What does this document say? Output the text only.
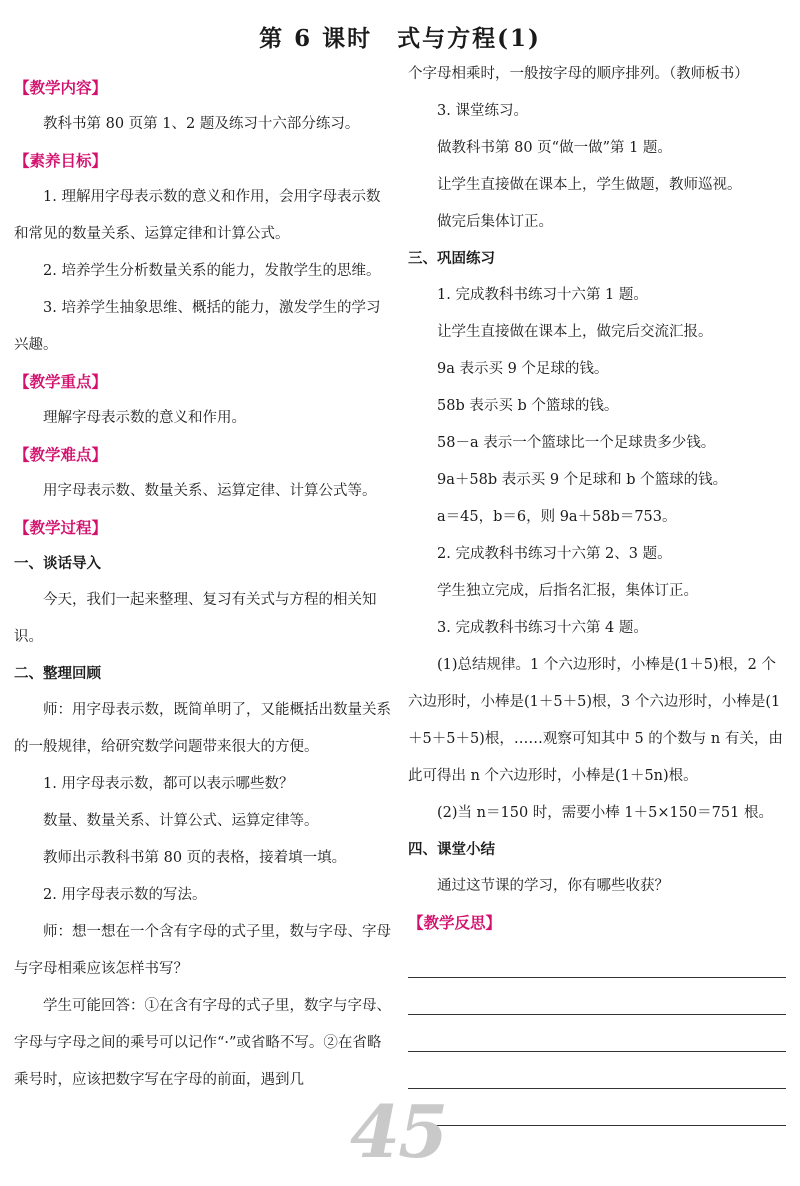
第 6 课时　式与方程(1)
【教学内容】

教科书第 80 页第 1、2 题及练习十六部分练习。

【素养目标】

1. 理解用字母表示数的意义和作用，会用字母表示数和常见的数量关系、运算定律和计算公式。

2. 培养学生分析数量关系的能力，发散学生的思维。

3. 培养学生抽象思维、概括的能力，激发学生的学习兴趣。

【教学重点】

理解字母表示数的意义和作用。

【教学难点】

用字母表示数、数量关系、运算定律、计算公式等。

【教学过程】
一、谈话导入

今天，我们一起来整理、复习有关式与方程的相关知识。

二、整理回顾

师：用字母表示数，既简单明了，又能概括出数量关系的一般规律，给研究数学问题带来很大的方便。

1. 用字母表示数，都可以表示哪些数？

数量、数量关系、计算公式、运算定律等。

教师出示教科书第 80 页的表格，接着填一填。

2. 用字母表示数的写法。

师：想一想在一个含有字母的式子里，数与字母、字母与字母相乘应该怎样书写？

学生可能回答：①在含有字母的式子里，数字与字母、字母与字母之间的乘号可以记作“·”或省略不写。②在省略乘号时，应该把数字写在字母的前面，遇到几

个字母相乘时，一般按字母的顺序排列。（教师板书）

3. 课堂练习。

做教科书第 80 页“做一做”第 1 题。

让学生直接做在课本上，学生做题，教师巡视。

做完后集体订正。

三、巩固练习

1. 完成教科书练习十六第 1 题。

让学生直接做在课本上，做完后交流汇报。

9a 表示买 9 个足球的钱。

58b 表示买 b 个篮球的钱。

58－a 表示一个篮球比一个足球贵多少钱。

9a＋58b 表示买 9 个足球和 b 个篮球的钱。

a＝45，b＝6，则 9a＋58b＝753。

2. 完成教科书练习十六第 2、3 题。

学生独立完成，后指名汇报，集体订正。

3. 完成教科书练习十六第 4 题。

(1)总结规律。1 个六边形时，小棒是(1＋5)根，2 个六边形时，小棒是(1＋5＋5)根，3 个六边形时，小棒是(1＋5＋5＋5)根，……观察可知其中 5 的个数与 n 有关，由此可得出 n 个六边形时，小棒是(1＋5n)根。

(2)当 n＝150 时，需要小棒 1＋5×150＝751 根。

四、课堂小结

通过这节课的学习，你有哪些收获？

【教学反思】
45
